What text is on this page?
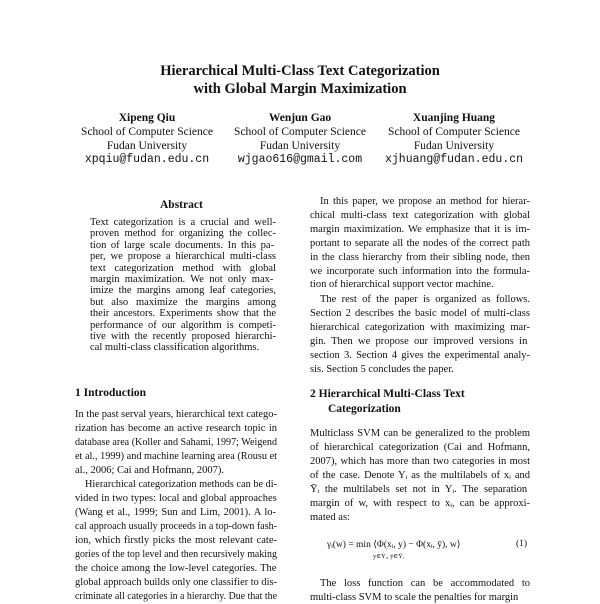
Hierarchical Multi-Class Text Categorization
with Global Margin Maximization
Xipeng Qiu
School of Computer Science
Fudan University
xpqiu@fudan.edu.cn
Wenjun Gao
School of Computer Science
Fudan University
wjgao616@gmail.com
Xuanjing Huang
School of Computer Science
Fudan University
xjhuang@fudan.edu.cn
Abstract
1 Introduction	2 Hierarchical Multi-Class Text
Categorization
Text categorization is a crucial and well-
proven method for organizing the collec-
tion of large scale documents. In this pa-
per, we propose a hierarchical multi-class
text categorization method with global
margin maximization. We not only max-
imize the margins among leaf categories,
but also maximize the margins among
their ancestors. Experiments show that the
performance of our algorithm is competi-
tive with the recently proposed hierarchi-
cal multi-class classification algorithms.
In the past serval years, hierarchical text catego-
rization has become an active research topic in
database area (Koller and Sahami, 1997; Weigend
et al., 1999) and machine learning area (Rousu et
al., 2006; Cai and Hofmann, 2007).
Hierarchical categorization methods can be di-
vided in two types: local and global approaches
(Wang et al., 1999; Sun and Lim, 2001). A lo-
cal approach usually proceeds in a top-down fash-
ion, which firstly picks the most relevant cate-
gories of the top level and then recursively making
the choice among the low-level categories. The
global approach builds only one classifier to dis-
criminate all categories in a hierarchy. Due that the
In this paper, we propose an method for hierar-
chical multi-class text categorization with global
margin maximization. We emphasize that it is im-
portant to separate all the nodes of the correct path
in the class hierarchy from their sibling node, then
we incorporate such information into the formula-
tion of hierarchical support vector machine.
The rest of the paper is organized as follows.
Section 2 describes the basic model of multi-class
hierarchical categorization with maximizing mar-
gin. Then we propose our improved versions in
section 3. Section 4 gives the experimental analy-
sis. Section 5 concludes the paper.
Multiclass SVM can be generalized to the problem
of hierarchical categorization (Cai and Hofmann,
2007), which has more than two categories in most
of the case. Denote Yᵢ as the multilabels of xᵢ and
Ȳᵢ the multilabels set not in Yᵢ. The separation
margin of w, with respect to xᵢ, can be approxi-
mated as:
The loss function can be accommodated to
multi-class SVM to scale the penalties for margin
γᵢ(w) = min ⟨Φ(xᵢ, y) − Φ(xᵢ, ȳ), w⟩
y∈Yᵢ, ȳ∈Ȳᵢ
(1)
